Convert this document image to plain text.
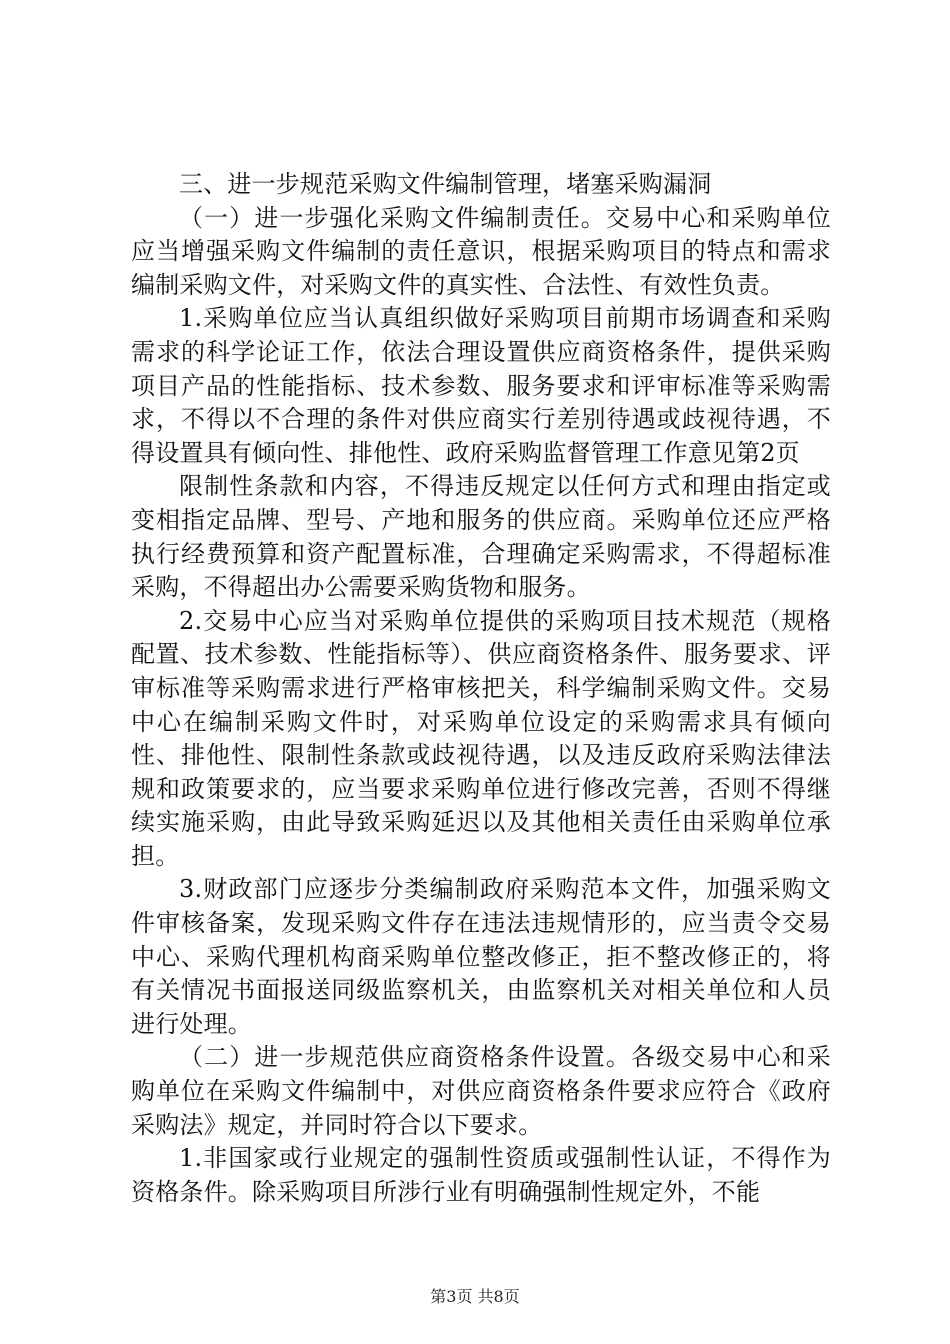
三、进一步规范采购文件编制管理，堵塞采购漏洞

（一）进一步强化采购文件编制责任。交易中心和采购单位应当增强采购文件编制的责任意识，根据采购项目的特点和需求编制采购文件，对采购文件的真实性、合法性、有效性负责。

1.采购单位应当认真组织做好采购项目前期市场调查和采购需求的科学论证工作，依法合理设置供应商资格条件，提供采购项目产品的性能指标、技术参数、服务要求和评审标准等采购需求，不得以不合理的条件对供应商实行差别待遇或歧视待遇，不得设置具有倾向性、排他性、政府采购监督管理工作意见第2页

限制性条款和内容，不得违反规定以任何方式和理由指定或变相指定品牌、型号、产地和服务的供应商。采购单位还应严格执行经费预算和资产配置标准，合理确定采购需求，不得超标准采购，不得超出办公需要采购货物和服务。

2.交易中心应当对采购单位提供的采购项目技术规范（规格配置、技术参数、性能指标等）、供应商资格条件、服务要求、评审标准等采购需求进行严格审核把关，科学编制采购文件。交易中心在编制采购文件时，对采购单位设定的采购需求具有倾向性、排他性、限制性条款或歧视待遇，以及违反政府采购法律法规和政策要求的，应当要求采购单位进行修改完善，否则不得继续实施采购，由此导致采购延迟以及其他相关责任由采购单位承担。

3.财政部门应逐步分类编制政府采购范本文件，加强采购文件审核备案，发现采购文件存在违法违规情形的，应当责令交易中心、采购代理机构商采购单位整改修正，拒不整改修正的，将有关情况书面报送同级监察机关，由监察机关对相关单位和人员进行处理。

（二）进一步规范供应商资格条件设置。各级交易中心和采购单位在采购文件编制中，对供应商资格条件要求应符合《政府采购法》规定，并同时符合以下要求。

1.非国家或行业规定的强制性资质或强制性认证，不得作为资格条件。除采购项目所涉行业有明确强制性规定外，不能

第3页 共8页
